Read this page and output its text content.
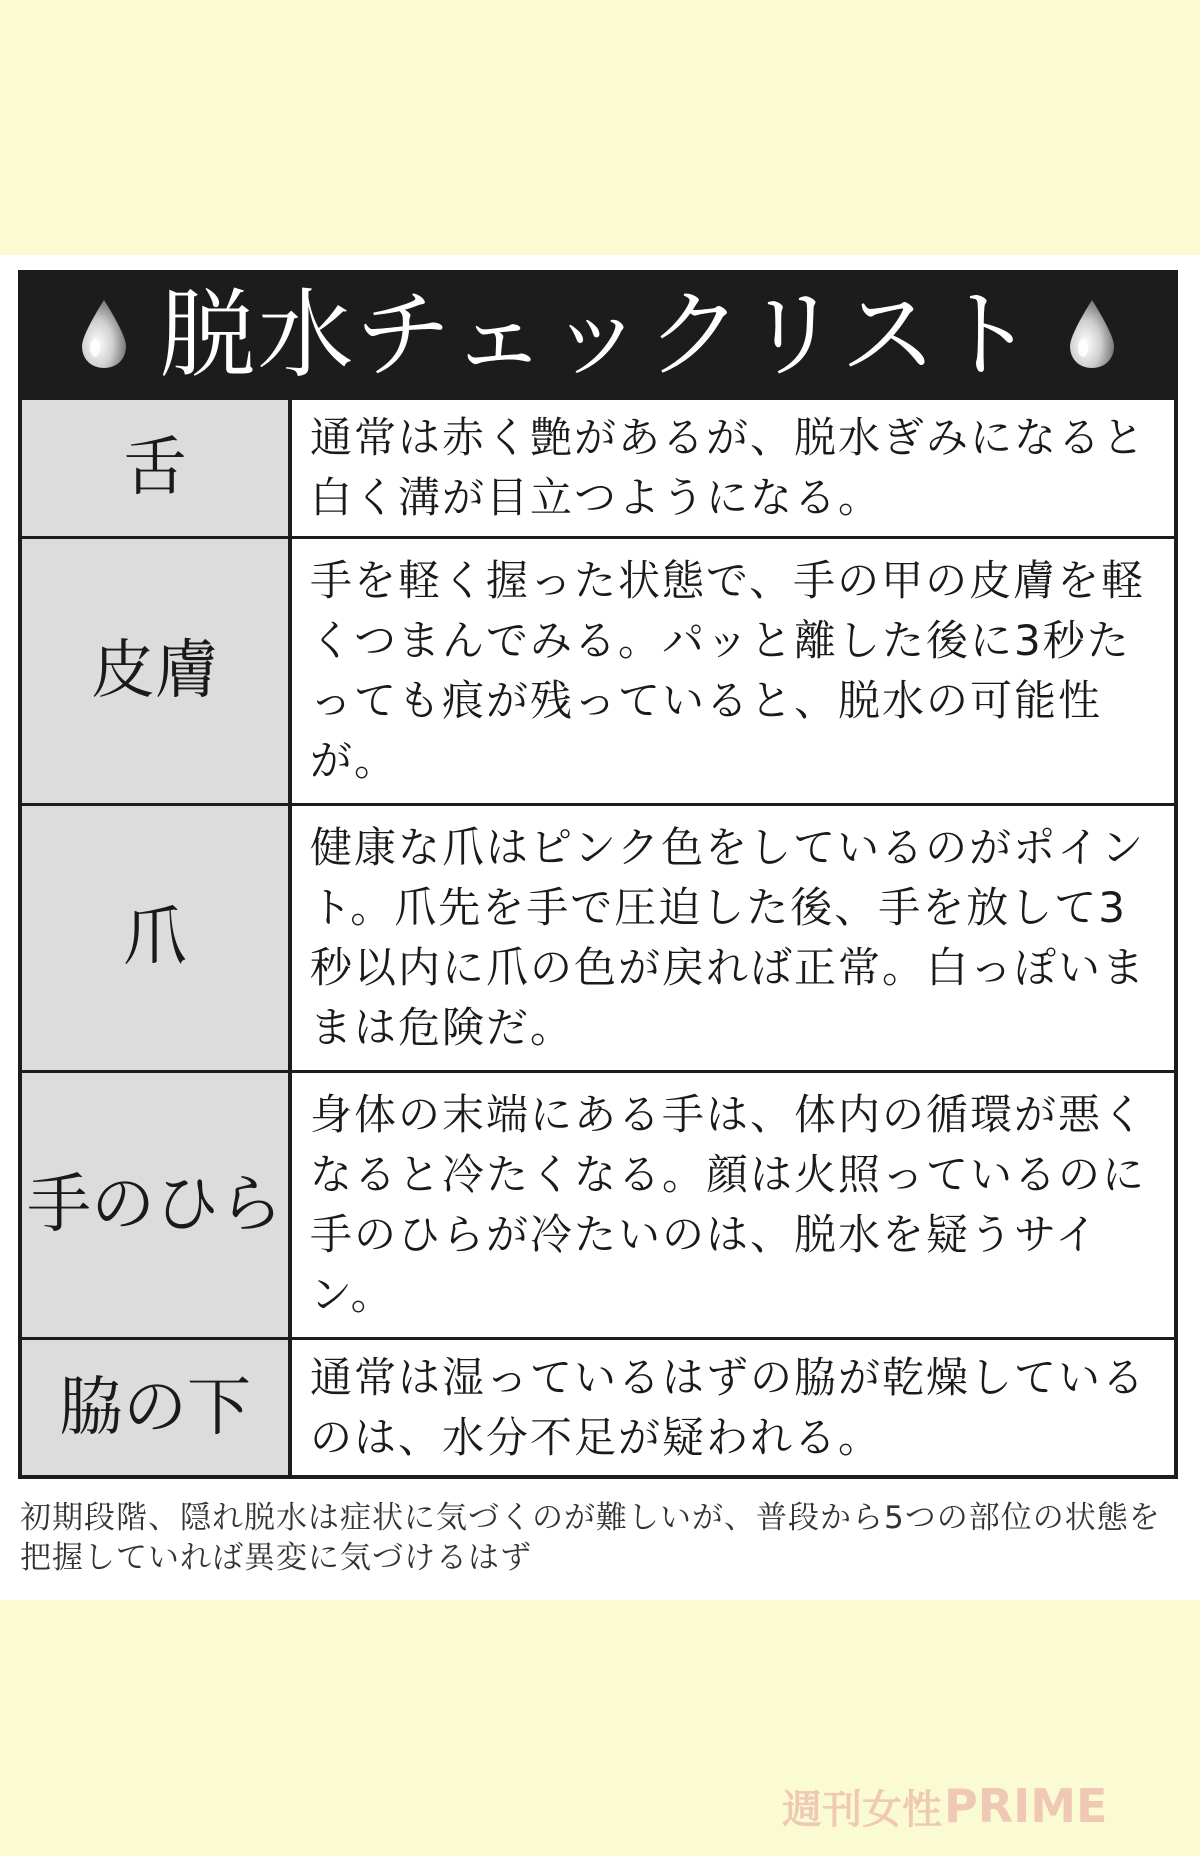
脱水チェックリスト
舌	通常は赤く艶があるが、脱水ぎみになると白く溝が目立つようになる。
皮膚
手を軽く握った状態で、手の甲の皮膚を軽くつまんでみる。パッと離した後に3秒たっても痕が残っていると、脱水の可能性が。
爪
健康な爪はピンク色をしているのがポイント。爪先を手で圧迫した後、手を放して3秒以内に爪の色が戻れば正常。白っぽいままは危険だ。
手のひら
身体の末端にある手は、体内の循環が悪くなると冷たくなる。顔は火照っているのに手のひらが冷たいのは、脱水を疑うサイン。
脇の下 通常は湿っているはずの脇が乾燥しているのは、水分不足が疑われる。
初期段階、隠れ脱水は症状に気づくのが難しいが、普段から5つの部位の状態を把握していれば異変に気づけるはず
週刊女性 PRIME
